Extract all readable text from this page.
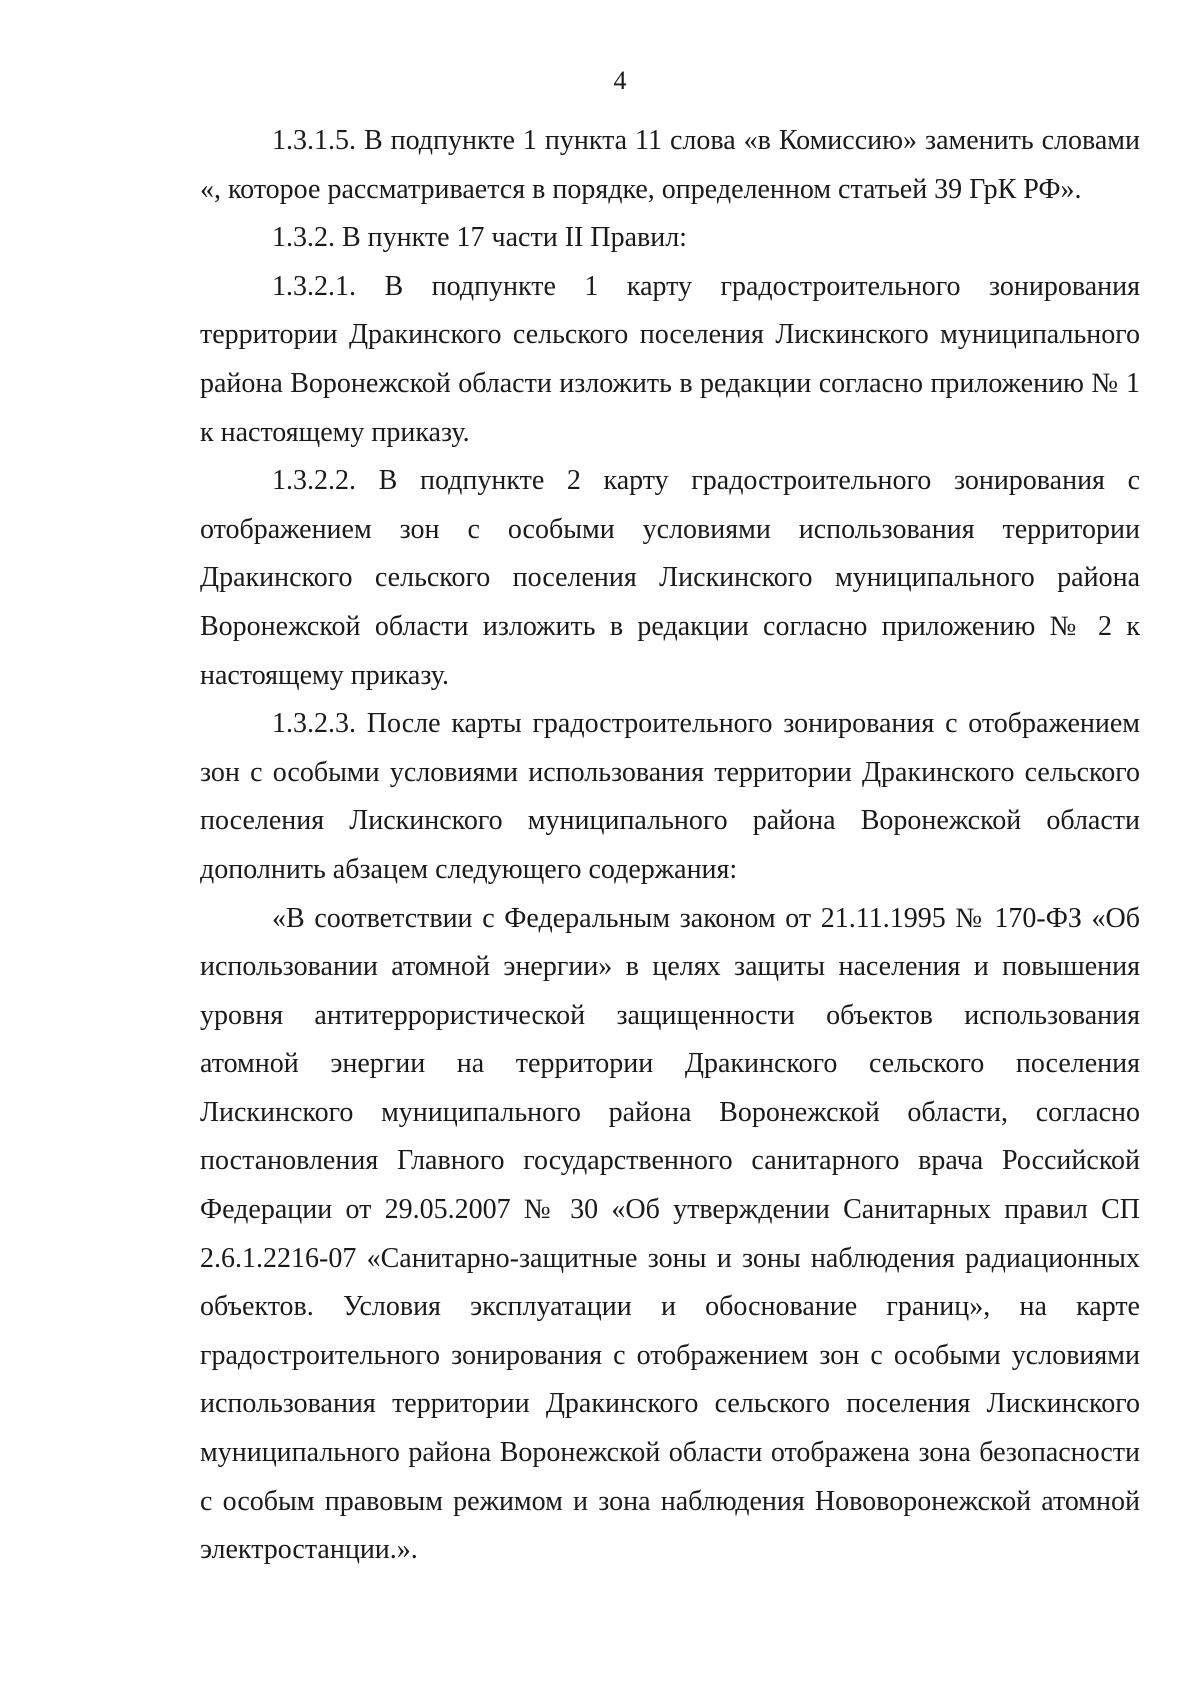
4

1.3.1.5. В подпункте 1 пункта 11 слова «в Комиссию» заменить словами «, которое рассматривается в порядке, определенном статьей 39 ГрК РФ».

1.3.2. В пункте 17 части II Правил:

1.3.2.1. В подпункте 1 карту градостроительного зонирования территории Дракинского сельского поселения Лискинского муниципального района Воронежской области изложить в редакции согласно приложению № 1 к настоящему приказу.

1.3.2.2. В подпункте 2 карту градостроительного зонирования с отображением зон с особыми условиями использования территории Дракинского сельского поселения Лискинского муниципального района Воронежской области изложить в редакции согласно приложению № 2 к настоящему приказу.

1.3.2.3. После карты градостроительного зонирования с отображением зон с особыми условиями использования территории Дракинского сельского поселения Лискинского муниципального района Воронежской области дополнить абзацем следующего содержания:

«В соответствии с Федеральным законом от 21.11.1995 № 170-ФЗ «Об использовании атомной энергии» в целях защиты населения и повышения уровня антитеррористической защищенности объектов использования атомной энергии на территории Дракинского сельского поселения Лискинского муниципального района Воронежской области, согласно постановления Главного государственного санитарного врача Российской Федерации от 29.05.2007 № 30 «Об утверждении Санитарных правил СП 2.6.1.2216-07 «Санитарно-защитные зоны и зоны наблюдения радиационных объектов. Условия эксплуатации и обоснование границ», на карте градостроительного зонирования с отображением зон с особыми условиями использования территории Дракинского сельского поселения Лискинского муниципального района Воронежской области отображена зона безопасности с особым правовым режимом и зона наблюдения Нововоронежской атомной электростанции.».
